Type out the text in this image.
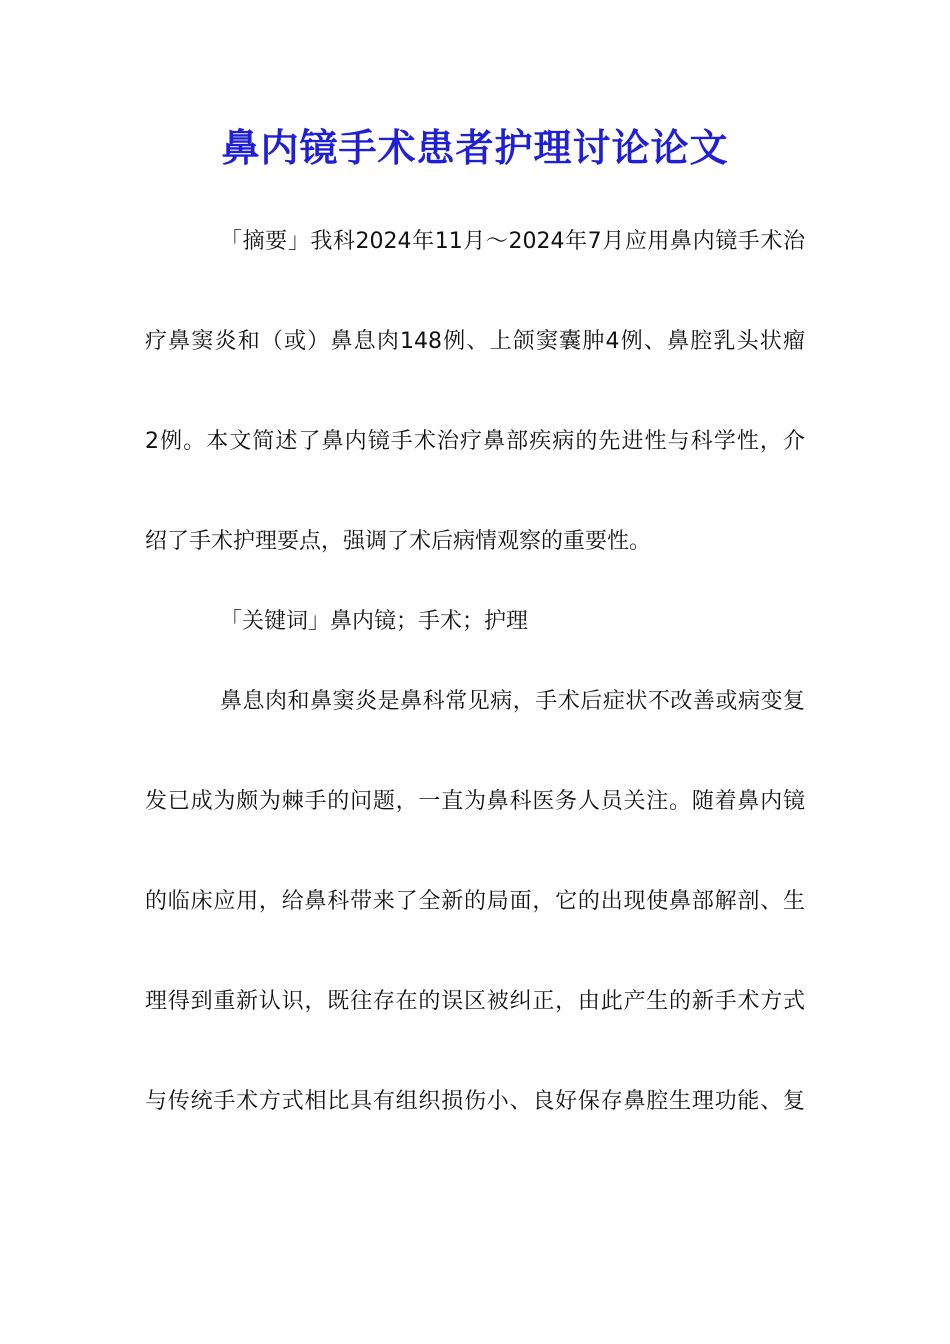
鼻内镜手术患者护理讨论论文
「摘要」我科2024年11月～2024年7月应用鼻内镜手术治
疗鼻窦炎和（或）鼻息肉148例、上颌窦囊肿4例、鼻腔乳头状瘤
2例。本文简述了鼻内镜手术治疗鼻部疾病的先进性与科学性，介
绍了手术护理要点，强调了术后病情观察的重要性。
「关键词」鼻内镜；手术；护理
鼻息肉和鼻窦炎是鼻科常见病，手术后症状不改善或病变复
发已成为颇为棘手的问题，一直为鼻科医务人员关注。随着鼻内镜
的临床应用，给鼻科带来了全新的局面，它的出现使鼻部解剖、生
理得到重新认识，既往存在的误区被纠正，由此产生的新手术方式
与传统手术方式相比具有组织损伤小、良好保存鼻腔生理功能、复
